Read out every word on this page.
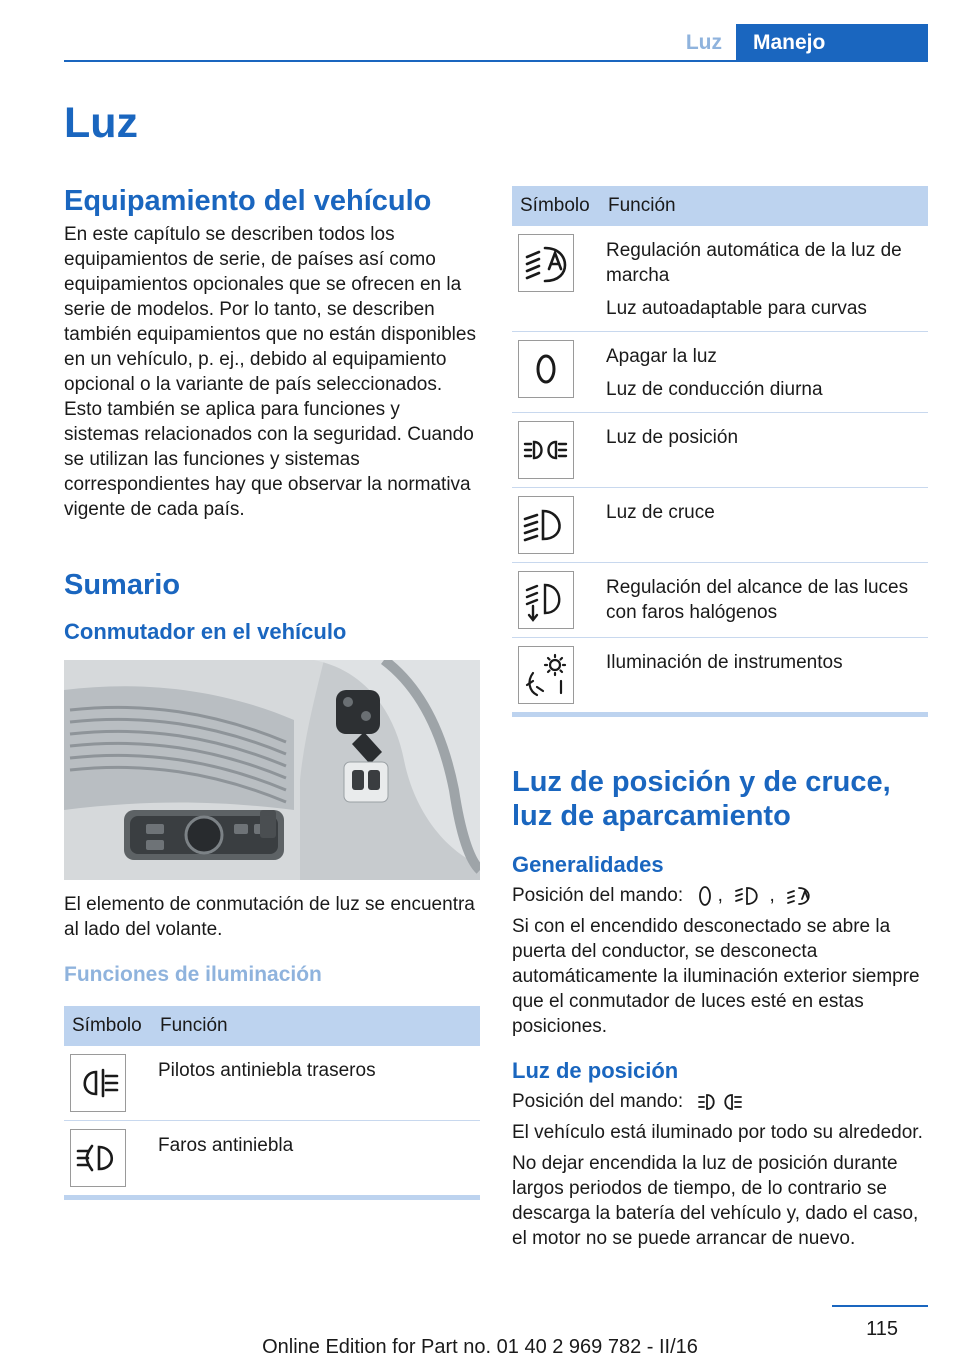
Luz	Manejo
Luz
Equipamiento del vehículo

En este capítulo se describen todos los equipamientos de serie, de países así como equipamientos opcionales que se ofrecen en la serie de modelos. Por lo tanto, se describen también equipamientos que no están disponibles en un vehículo, p. ej., debido al equipamiento opcional o la variante de país seleccionados. Esto también se aplica para funciones y sistemas relacionados con la seguridad. Cuando se utilizan las funciones y sistemas correspondientes hay que observar la normativa vigente de cada país.

Sumario
Conmutador en el vehículo

El elemento de conmutación de luz se encuentra al lado del volante.

Funciones de iluminación
Símbolo	Función

	Pilotos antiniebla traseros

	Faros antiniebla
Símbolo	Función

Regulación automática de la luz de marcha
Luz autoadaptable para curvas

Apagar la luz
Luz de conducción diurna

	Luz de posición

	Luz de cruce

	Regulación del alcance de las luces con faros halógenos

	Iluminación de instrumentos
Luz de posición y de cruce, luz de aparcamiento
Generalidades

Posición del mando: , ,

Si con el encendido desconectado se abre la puerta del conductor, se desconecta automáticamente la iluminación exterior siempre que el conmutador de luces esté en estas posiciones.

Luz de posición

Posición del mando:

El vehículo está iluminado por todo su alrededor.

No dejar encendida la luz de posición durante largos periodos de tiempo, de lo contrario se descarga la batería del vehículo y, dado el caso, el motor no se puede arrancar de nuevo.

115
Online Edition for Part no. 01 40 2 969 782 - II/16
